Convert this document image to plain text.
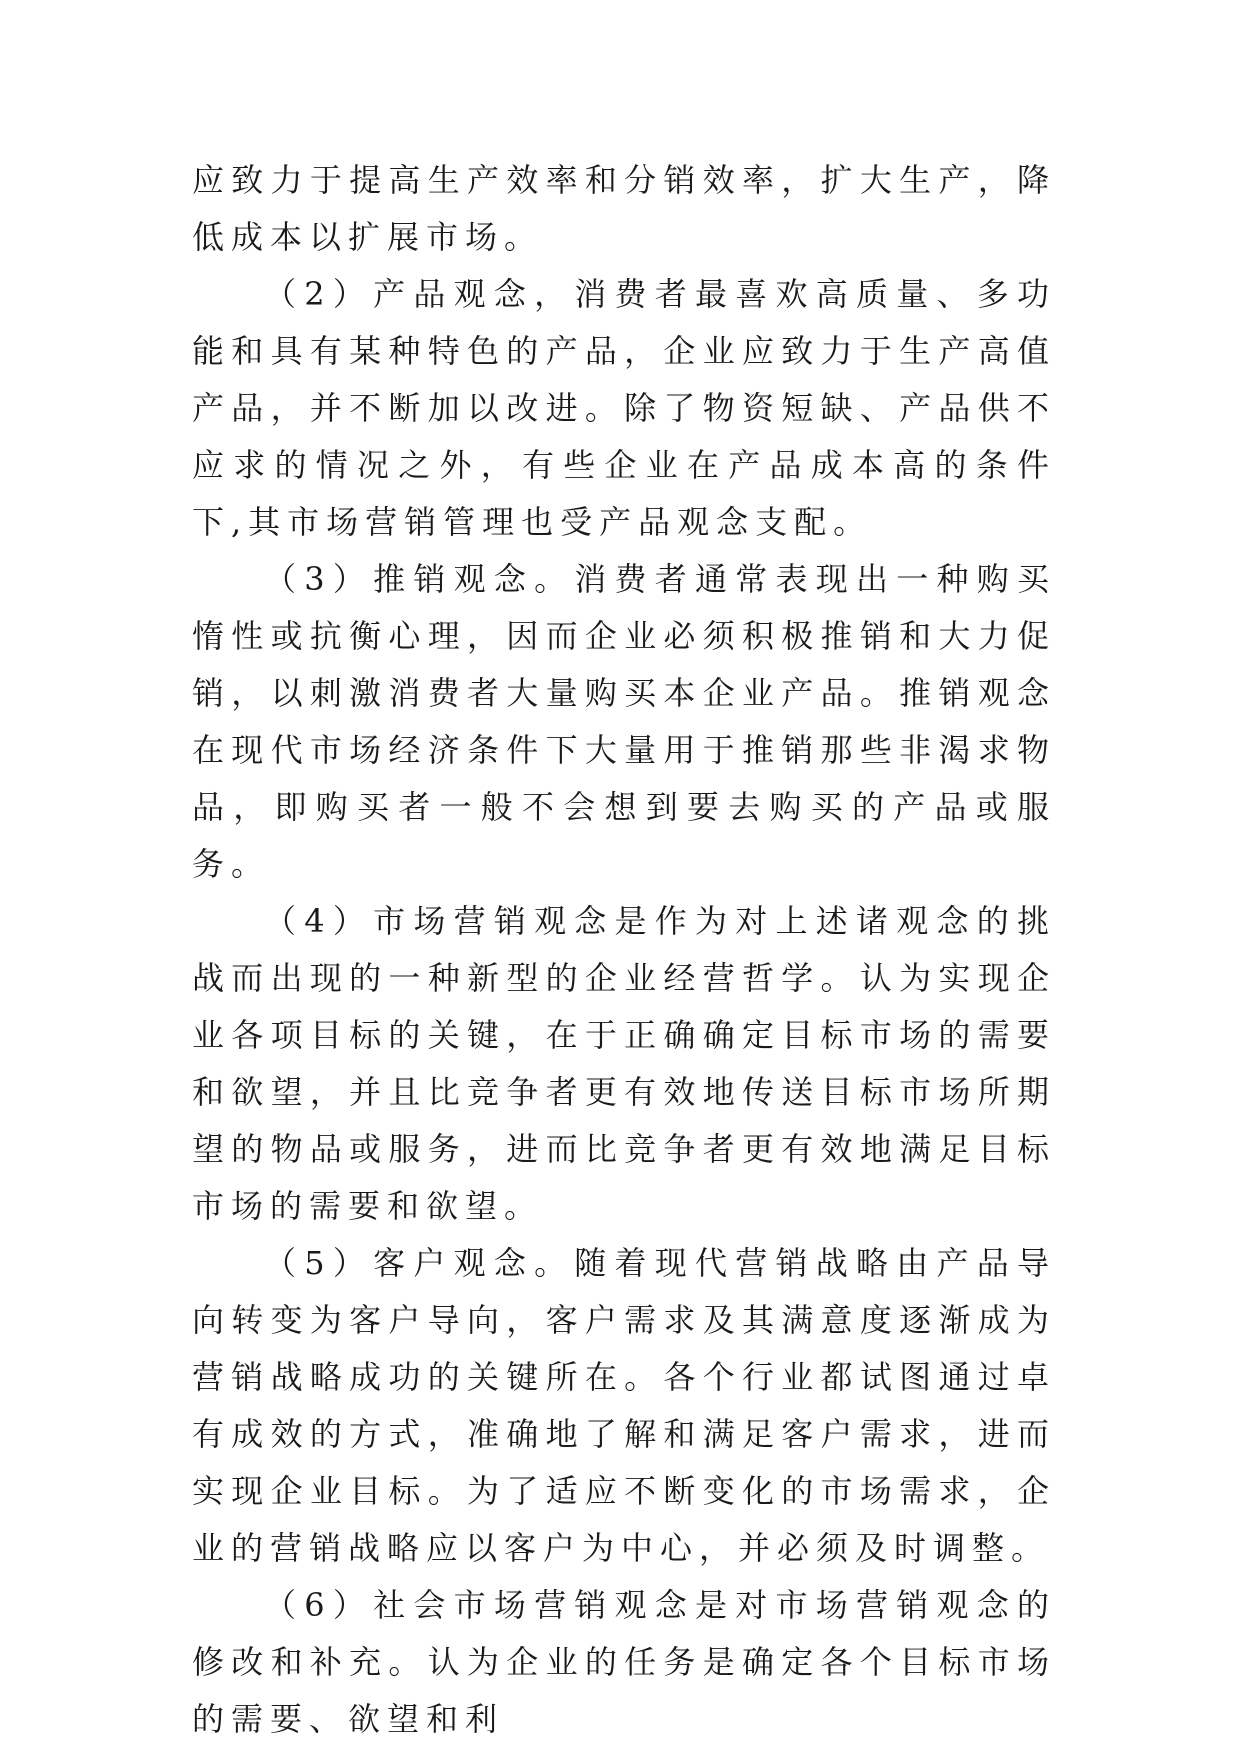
应致力于提高生产效率和分销效率，扩大生产，降低成本以扩展市场。

（2）产品观念，消费者最喜欢高质量、多功能和具有某种特色的产品，企业应致力于生产高值产品，并不断加以改进。除了物资短缺、产品供不应求的情况之外，有些企业在产品成本高的条件下,其市场营销管理也受产品观念支配。

（3）推销观念。消费者通常表现出一种购买惰性或抗衡心理，因而企业必须积极推销和大力促销，以刺激消费者大量购买本企业产品。推销观念在现代市场经济条件下大量用于推销那些非渴求物品，即购买者一般不会想到要去购买的产品或服务。

（4）市场营销观念是作为对上述诸观念的挑战而出现的一种新型的企业经营哲学。认为实现企业各项目标的关键，在于正确确定目标市场的需要和欲望，并且比竞争者更有效地传送目标市场所期望的物品或服务，进而比竞争者更有效地满足目标市场的需要和欲望。

（5）客户观念。随着现代营销战略由产品导向转变为客户导向，客户需求及其满意度逐渐成为营销战略成功的关键所在。各个行业都试图通过卓有成效的方式，准确地了解和满足客户需求，进而实现企业目标。为了适应不断变化的市场需求，企业的营销战略应以客户为中心，并必须及时调整。

（6）社会市场营销观念是对市场营销观念的修改和补充。认为企业的任务是确定各个目标市场的需要、欲望和利
